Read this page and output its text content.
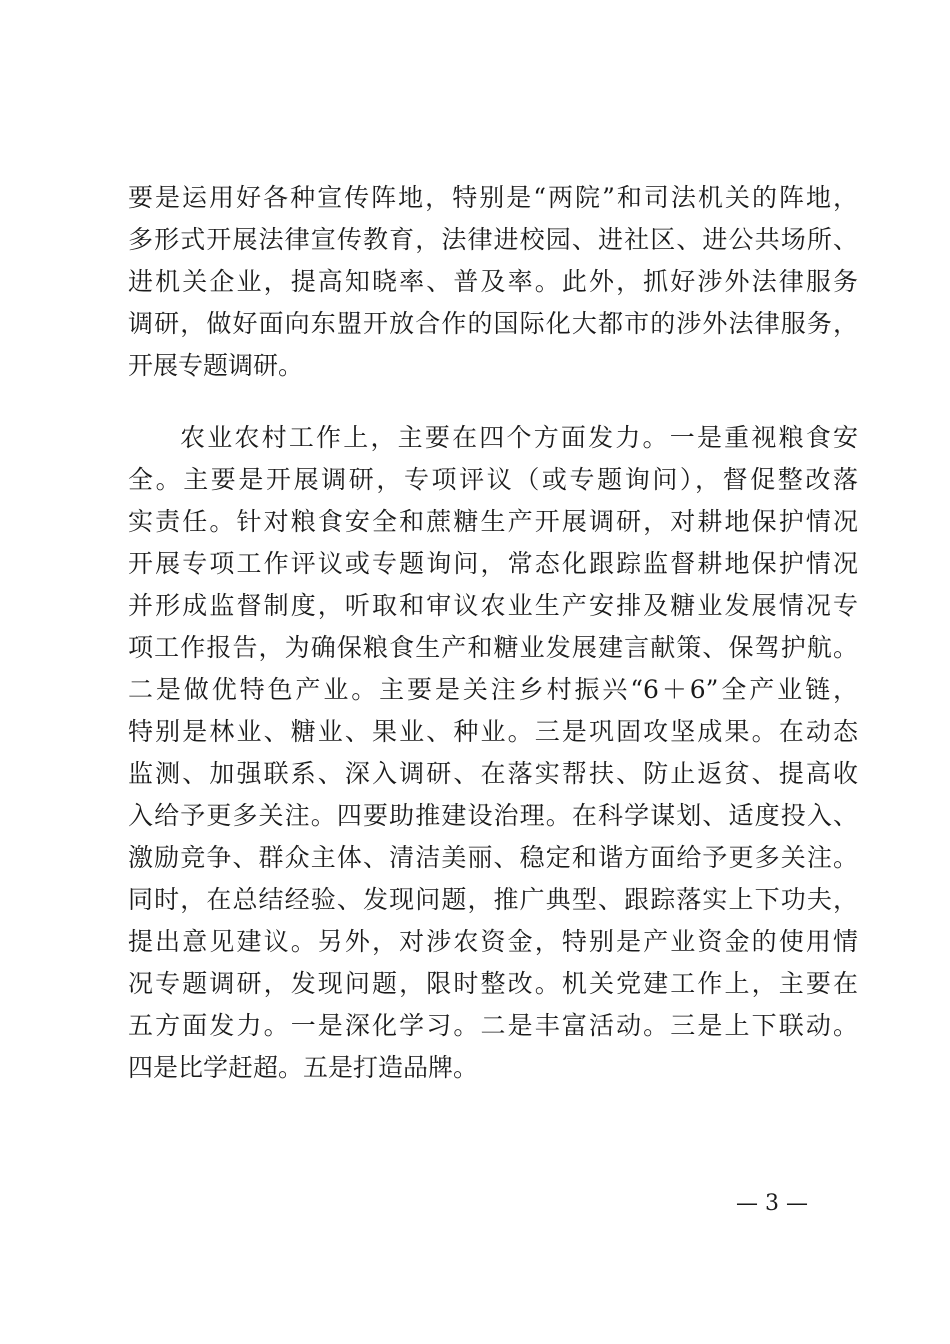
要是运用好各种宣传阵地，特别是“两院”和司法机关的阵地，
多形式开展法律宣传教育，法律进校园、进社区、进公共场所、
进机关企业，提高知晓率、普及率。此外，抓好涉外法律服务
调研，做好面向东盟开放合作的国际化大都市的涉外法律服务，
开展专题调研。
农业农村工作上，主要在四个方面发力。一是重视粮食安
全。主要是开展调研，专项评议（或专题询问），督促整改落
实责任。针对粮食安全和蔗糖生产开展调研，对耕地保护情况
开展专项工作评议或专题询问，常态化跟踪监督耕地保护情况
并形成监督制度，听取和审议农业生产安排及糖业发展情况专
项工作报告，为确保粮食生产和糖业发展建言献策、保驾护航。
二是做优特色产业。主要是关注乡村振兴“6＋6”全产业链，
特别是林业、糖业、果业、种业。三是巩固攻坚成果。在动态
监测、加强联系、深入调研、在落实帮扶、防止返贫、提高收
入给予更多关注。四要助推建设治理。在科学谋划、适度投入、
激励竞争、群众主体、清洁美丽、稳定和谐方面给予更多关注。
同时，在总结经验、发现问题，推广典型、跟踪落实上下功夫，
提出意见建议。另外，对涉农资金，特别是产业资金的使用情
况专题调研，发现问题，限时整改。机关党建工作上，主要在
五方面发力。一是深化学习。二是丰富活动。三是上下联动。
四是比学赶超。五是打造品牌。
— 3 —
